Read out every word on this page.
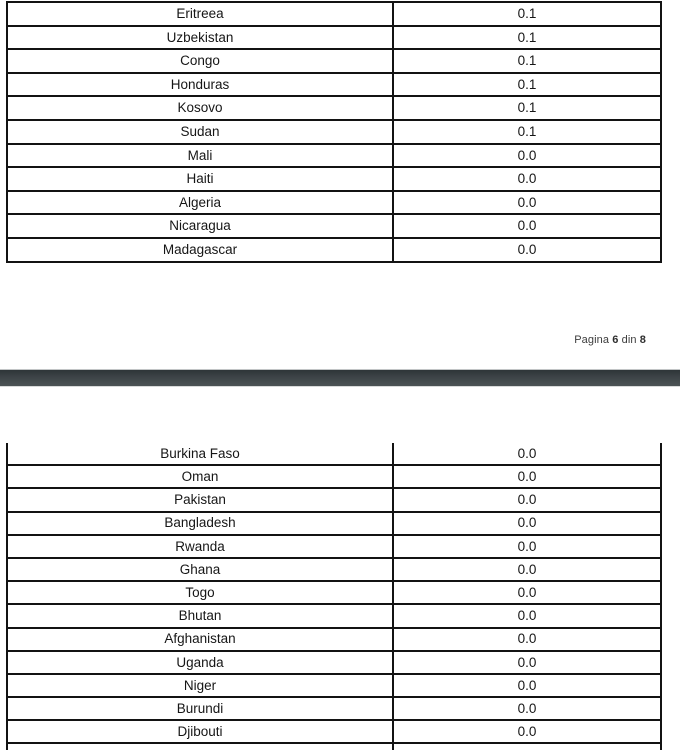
Eritreea	0.1
Uzbekistan	0.1
Congo	0.1
Honduras	0.1
Kosovo	0.1
Sudan	0.1
Mali	0.0
Haiti	0.0
Algeria	0.0
Nicaragua	0.0
Madagascar	0.0
Pagina 6 din 8
Burkina Faso	0.0
Oman	0.0
Pakistan	0.0
Bangladesh	0.0
Rwanda	0.0
Ghana	0.0
Togo	0.0
Bhutan	0.0
Afghanistan	0.0
Uganda	0.0
Niger	0.0
Burundi	0.0
Djibouti	0.0
